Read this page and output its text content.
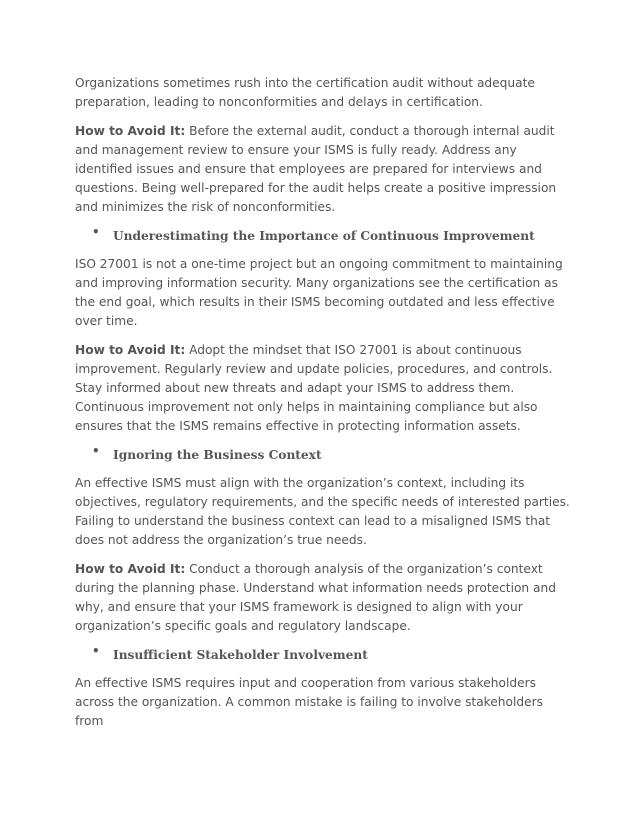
Organizations sometimes rush into the certification audit without adequate preparation, leading to nonconformities and delays in certification.

How to Avoid It: Before the external audit, conduct a thorough internal audit and management review to ensure your ISMS is fully ready. Address any identified issues and ensure that employees are prepared for interviews and questions. Being well-prepared for the audit helps create a positive impression and minimizes the risk of nonconformities.

• Underestimating the Importance of Continuous Improvement

ISO 27001 is not a one-time project but an ongoing commitment to maintaining and improving information security. Many organizations see the certification as the end goal, which results in their ISMS becoming outdated and less effective over time.

How to Avoid It: Adopt the mindset that ISO 27001 is about continuous improvement. Regularly review and update policies, procedures, and controls. Stay informed about new threats and adapt your ISMS to address them. Continuous improvement not only helps in maintaining compliance but also ensures that the ISMS remains effective in protecting information assets.

• Ignoring the Business Context

An effective ISMS must align with the organization’s context, including its objectives, regulatory requirements, and the specific needs of interested parties. Failing to understand the business context can lead to a misaligned ISMS that does not address the organization’s true needs.

How to Avoid It: Conduct a thorough analysis of the organization’s context during the planning phase. Understand what information needs protection and why, and ensure that your ISMS framework is designed to align with your organization’s specific goals and regulatory landscape.

• Insufficient Stakeholder Involvement

An effective ISMS requires input and cooperation from various stakeholders across the organization. A common mistake is failing to involve stakeholders from
